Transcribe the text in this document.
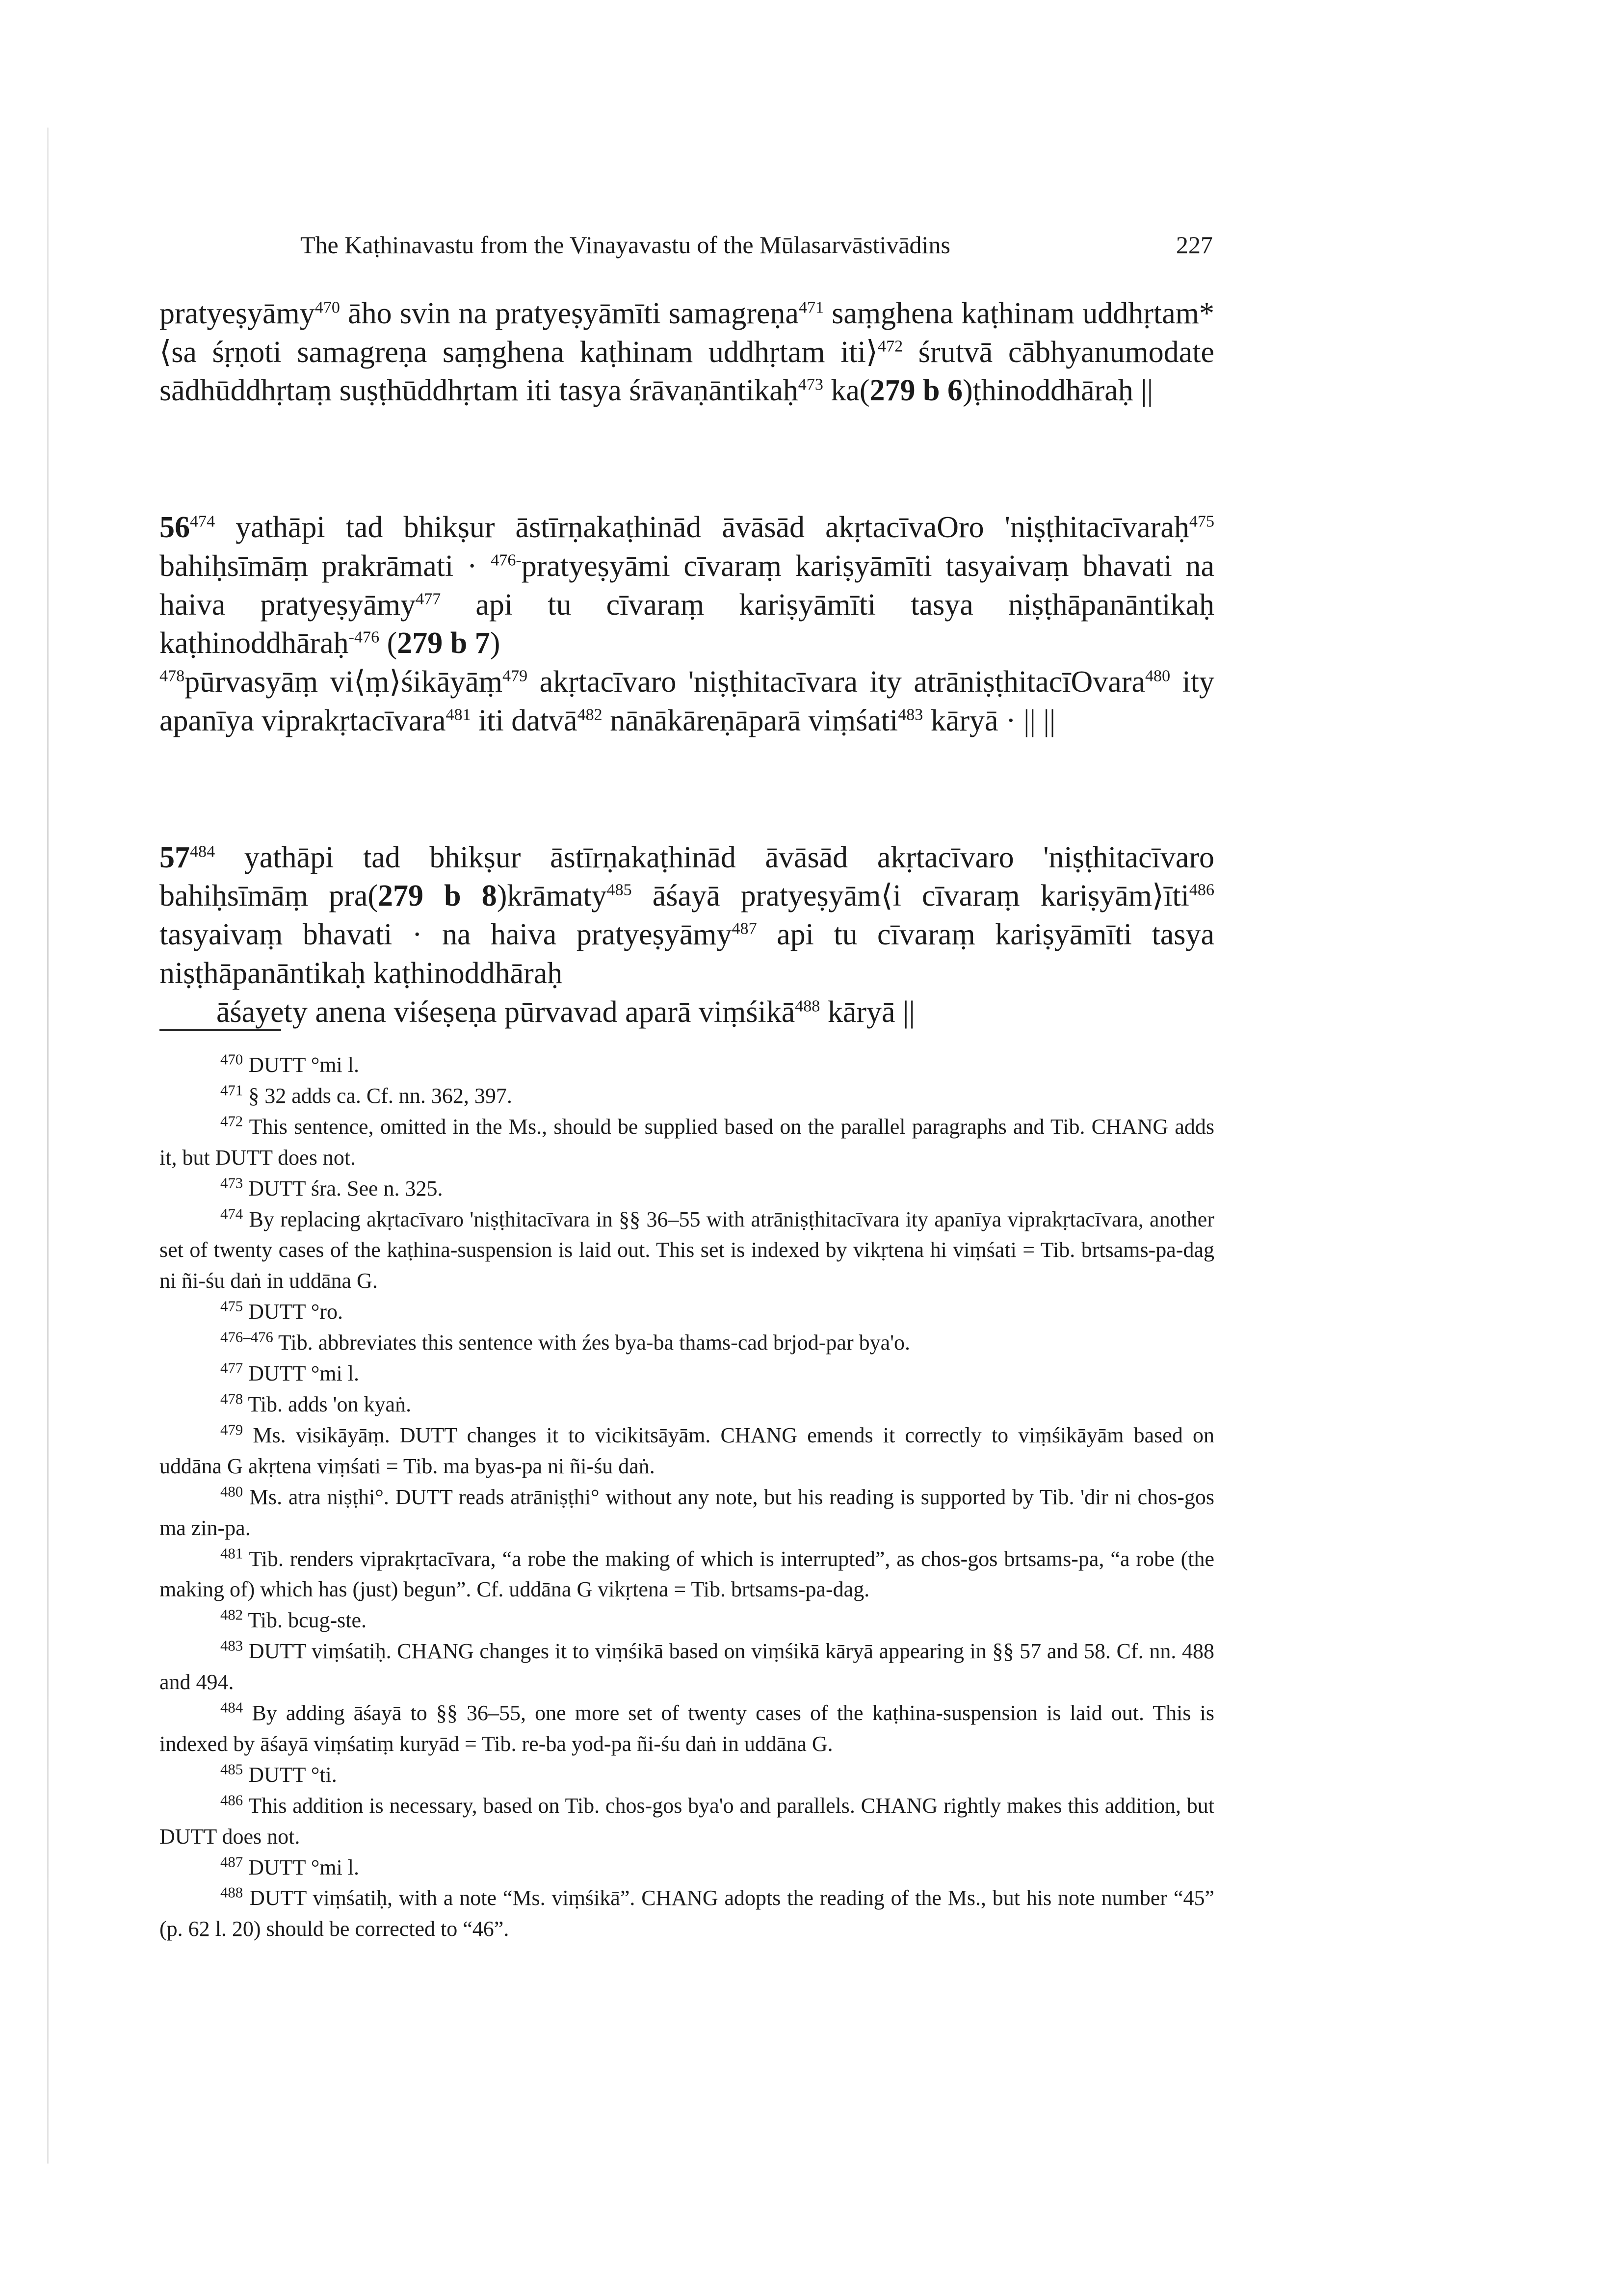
The Kaṭhinavastu from the Vinayavastu of the Mūlasarvāstivādins	227

pratyeṣyāmy$^{470}$ āho svin na pratyeṣyāmīti samagreṇa$^{471}$ saṃghena kaṭhinam uddhṛtam* ⟨sa śṛṇoti samagreṇa saṃghena kaṭhinam uddhṛtam iti⟩$^{472}$ śrutvā cābhyanumodate sādhūddhṛtaṃ suṣṭhūddhṛtam iti tasya śrāvaṇāntikaḥ$^{473}$ ka(279 b 6)ṭhinoddhāraḥ ||

$56^{474}$ yathāpi tad bhikṣur āstīrṇakaṭhinād āvāsād akṛtacīvaOro 'niṣṭhitacīvaraḥ$^{475}$ bahiḥsīmāṃ prakrāmati · $^{476-}$pratyeṣyāmi cīvaraṃ kariṣyāmīti tasyaivaṃ bhavati na haiva pratyeṣyāmy$^{477}$ api tu cīvaraṃ kariṣyāmīti tasya niṣṭhāpanāntikaḥ kaṭhinoddhāraḥ$^{-476}$ (279 b 7)
$^{478}$pūrvasyāṃ vi⟨ṃ⟩śikāyāṃ$^{479}$ akṛtacīvaro 'niṣṭhitacīvara ity atrāniṣṭhitacīOvara$^{480}$ ity apanīya viprakṛtacīvara$^{481}$ iti datvā$^{482}$ nānākāreṇāparā viṃśati$^{483}$ kāryā · || ||

$57^{484}$ yathāpi tad bhikṣur āstīrṇakaṭhinād āvāsād akṛtacīvaro 'niṣṭhitacīvaro bahiḥsīmāṃ pra(279 b 8)krāmaty$^{485}$ āśayā pratyeṣyām⟨i cīvaraṃ kariṣyām⟩īti$^{486}$ tasyaivaṃ bhavati · na haiva pratyeṣyāmy$^{487}$ api tu cīvaraṃ kariṣyāmīti tasya niṣṭhāpanāntikaḥ kaṭhinoddhāraḥ

āśayety anena viśeṣeṇa pūrvavad aparā viṃśikā$^{488}$ kāryā ||

$^{470}$ DUTT °mi l.

$^{471}$ § 32 adds ca. Cf. nn. 362, 397.

$^{472}$ This sentence, omitted in the Ms., should be supplied based on the parallel paragraphs and Tib. CHANG adds it, but DUTT does not.

$^{473}$ DUTT śra. See n. 325.

$^{474}$ By replacing akṛtacīvaro 'niṣṭhitacīvara in §§ 36–55 with atrāniṣṭhitacīvara ity apanīya viprakṛtacīvara, another set of twenty cases of the kaṭhina-suspension is laid out. This set is indexed by vikṛtena hi viṃśati = Tib. brtsams-pa-dag ni ñi-śu daṅ in uddāna G.

$^{475}$ DUTT °ro.

$^{476-476}$ Tib. abbreviates this sentence with źes bya-ba thams-cad brjod-par bya'o.

$^{477}$ DUTT °mi l.

$^{478}$ Tib. adds 'on kyaṅ.

$^{479}$ Ms. visikāyāṃ. DUTT changes it to vicikitsāyām. CHANG emends it correctly to viṃśikāyām based on uddāna G akṛtena viṃśati = Tib. ma byas-pa ni ñi-śu daṅ.

$^{480}$ Ms. atra niṣṭhi°. DUTT reads atrāniṣṭhi° without any note, but his reading is supported by Tib. 'dir ni chos-gos ma zin-pa.

$^{481}$ Tib. renders viprakṛtacīvara, “a robe the making of which is interrupted”, as chos-gos brtsams-pa, “a robe (the making of) which has (just) begun”. Cf. uddāna G vikṛtena = Tib. brtsams-pa-dag.

$^{482}$ Tib. bcug-ste.

$^{483}$ DUTT viṃśatiḥ. CHANG changes it to viṃśikā based on viṃśikā kāryā appearing in §§ 57 and 58. Cf. nn. 488 and 494.

$^{484}$ By adding āśayā to §§ 36–55, one more set of twenty cases of the kaṭhina-suspension is laid out. This is indexed by āśayā viṃśatiṃ kuryād = Tib. re-ba yod-pa ñi-śu daṅ in uddāna G.

$^{485}$ DUTT °ti.

$^{486}$ This addition is necessary, based on Tib. chos-gos bya'o and parallels. CHANG rightly makes this addition, but DUTT does not.

$^{487}$ DUTT °mi l.

$^{488}$ DUTT viṃśatiḥ, with a note “Ms. viṃśikā”. CHANG adopts the reading of the Ms., but his note number “45” (p. 62 l. 20) should be corrected to “46”.
